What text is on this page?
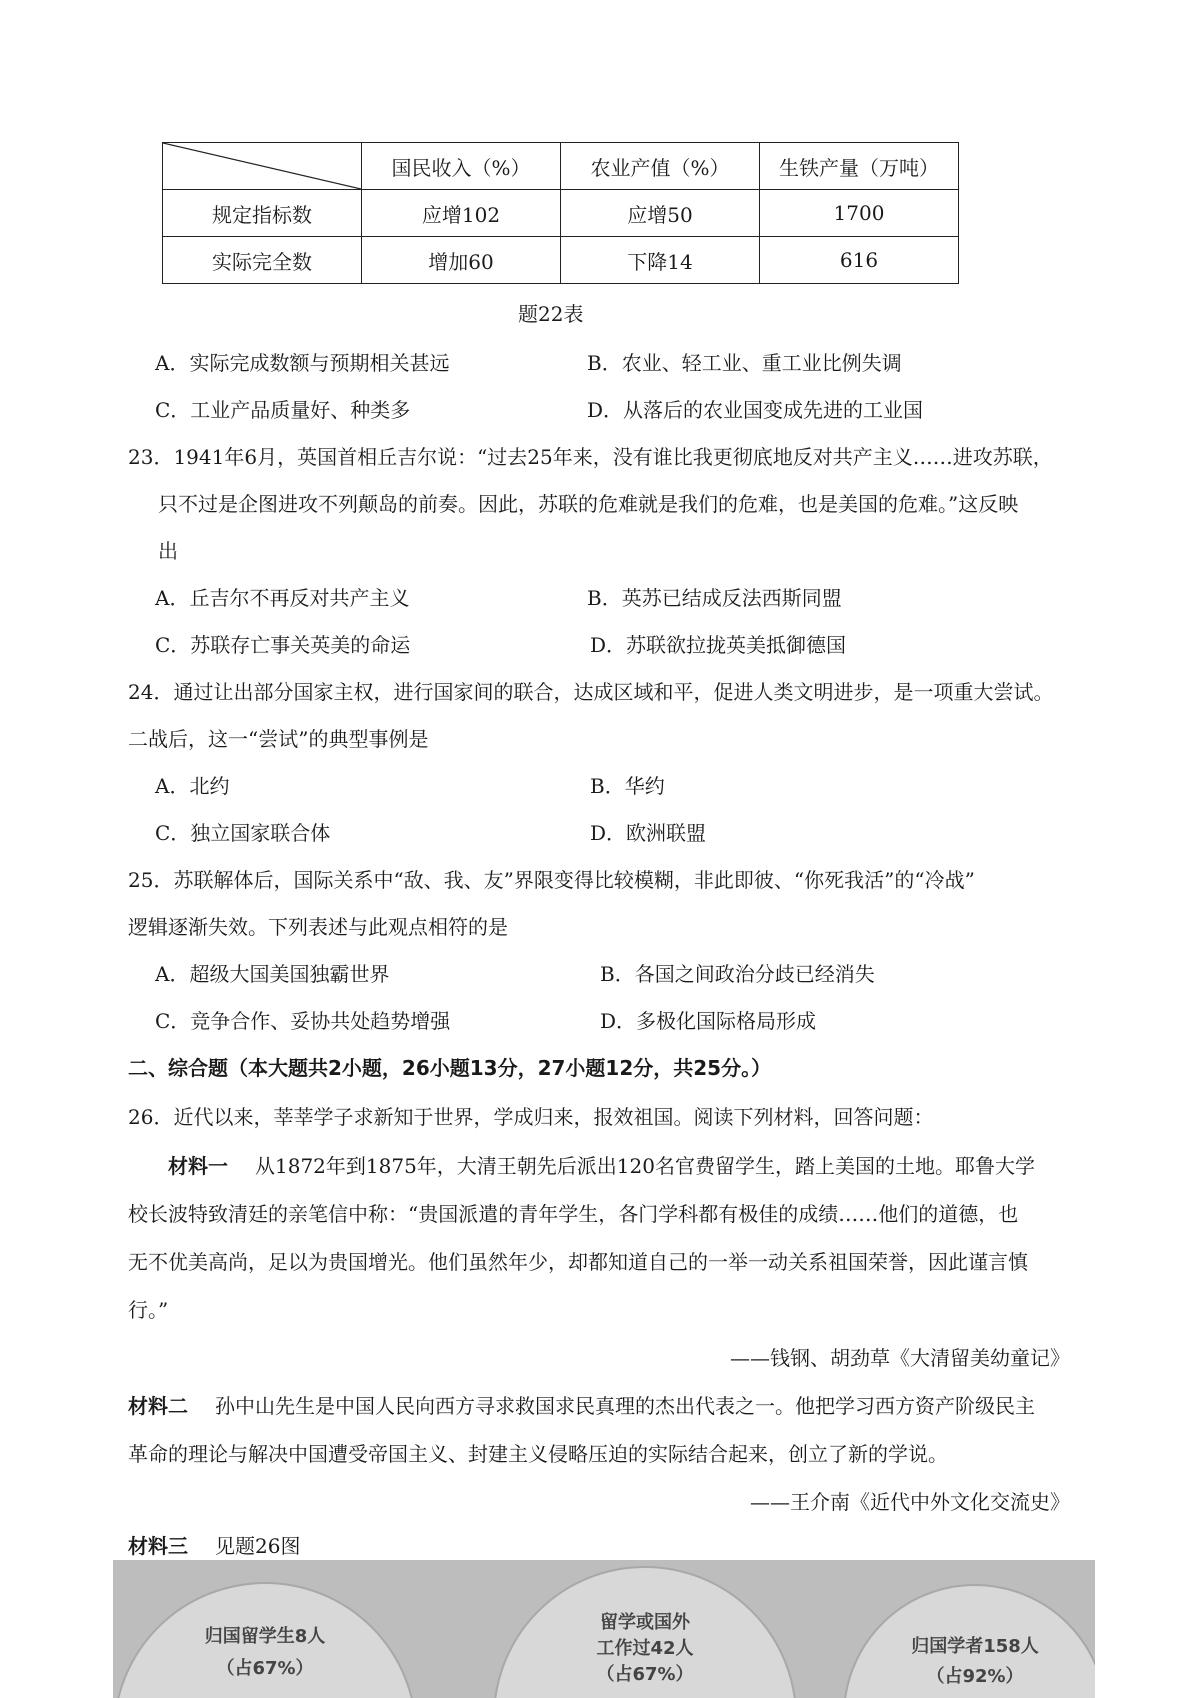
	国民收入（%）	农业产值（%）	生铁产量（万吨）
规定指标数	应增102	应增50	1700
实际完全数	增加60	下降14	616
题22表
A．实际完成数额与预期相关甚远	B．农业、轻工业、重工业比例失调
C．工业产品质量好、种类多	D．从落后的农业国变成先进的工业国
23．1941年6月，英国首相丘吉尔说：“过去25年来，没有谁比我更彻底地反对共产主义……进攻苏联，
只不过是企图进攻不列颠岛的前奏。因此，苏联的危难就是我们的危难，也是美国的危难。”这反映
出
A．丘吉尔不再反对共产主义	B．英苏已结成反法西斯同盟
C．苏联存亡事关英美的命运	D．苏联欲拉拢英美抵御德国
24．通过让出部分国家主权，进行国家间的联合，达成区域和平，促进人类文明进步，是一项重大尝试。
二战后，这一“尝试”的典型事例是
A．北约	B．华约
C．独立国家联合体	D．欧洲联盟
25．苏联解体后，国际关系中“敌、我、友”界限变得比较模糊，非此即彼、“你死我活”的“冷战”
逻辑逐渐失效。下列表述与此观点相符的是
A．超级大国美国独霸世界	B．各国之间政治分歧已经消失
C．竞争合作、妥协共处趋势增强	D．多极化国际格局形成
二、综合题（本大题共2小题，26小题13分，27小题12分，共25分。）
26．近代以来，莘莘学子求新知于世界，学成归来，报效祖国。阅读下列材料，回答问题：
材料一 从1872年到1875年，大清王朝先后派出120名官费留学生，踏上美国的土地。耶鲁大学
校长波特致清廷的亲笔信中称：“贵国派遣的青年学生，各门学科都有极佳的成绩……他们的道德，也
无不优美高尚，足以为贵国增光。他们虽然年少，却都知道自己的一举一动关系祖国荣誉，因此谨言慎
行。”
——钱钢、胡劲草《大清留美幼童记》
材料二 孙中山先生是中国人民向西方寻求救国求民真理的杰出代表之一。他把学习西方资产阶级民主
革命的理论与解决中国遭受帝国主义、封建主义侵略压迫的实际结合起来，创立了新的学说。
——王介南《近代中外文化交流史》
材料三 见题26图
归国留学生8人
（占67%）
留学或国外
工作过42人
（占67%）
归国学者158人
（占92%）
